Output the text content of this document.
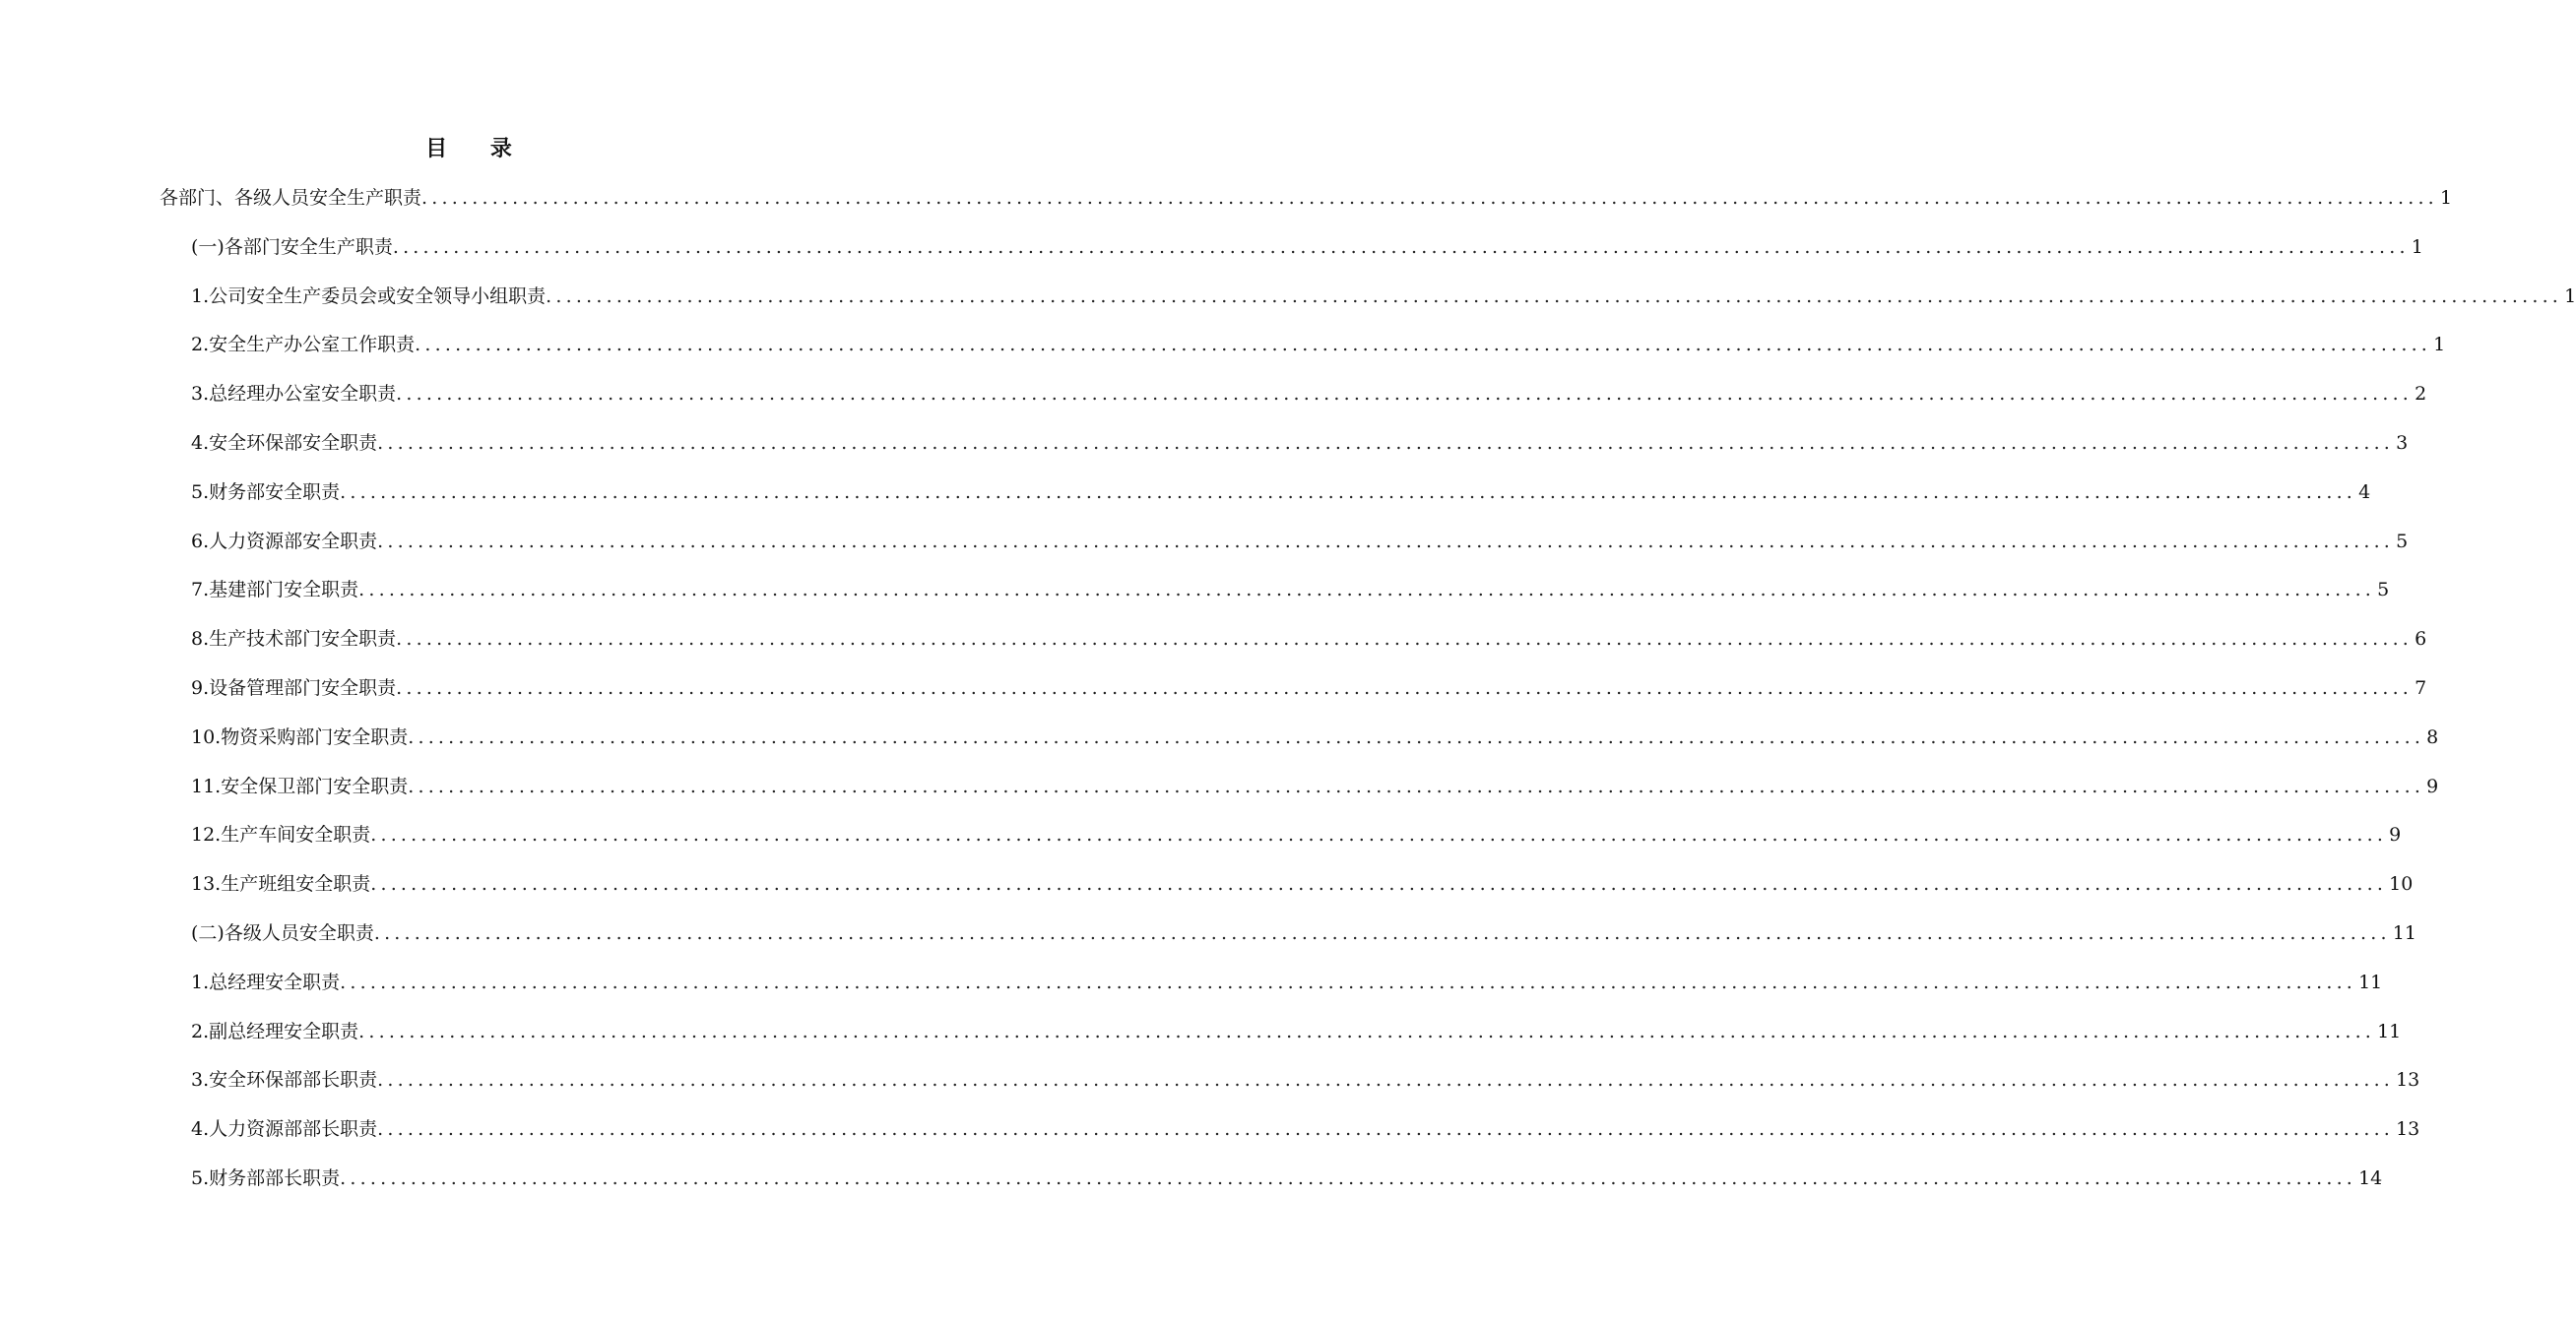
目 录
各部门、各级人员安全生产职责 ........................................................................................................................................................................................................ 1
(一)各部门安全生产职责 ........................................................................................................................................................................................................ 1
1.公司安全生产委员会或安全领导小组职责 ........................................................................................................................................................................................................ 1
2.安全生产办公室工作职责 ........................................................................................................................................................................................................ 1
3.总经理办公室安全职责 ........................................................................................................................................................................................................ 2
4.安全环保部安全职责 ........................................................................................................................................................................................................ 3
5.财务部安全职责 ........................................................................................................................................................................................................ 4
6.人力资源部安全职责 ........................................................................................................................................................................................................ 5
7.基建部门安全职责 ........................................................................................................................................................................................................ 5
8.生产技术部门安全职责 ........................................................................................................................................................................................................ 6
9.设备管理部门安全职责 ........................................................................................................................................................................................................ 7
10.物资采购部门安全职责 ........................................................................................................................................................................................................ 8
11.安全保卫部门安全职责 ........................................................................................................................................................................................................ 9
12.生产车间安全职责 ........................................................................................................................................................................................................ 9
13.生产班组安全职责 ........................................................................................................................................................................................................ 10
(二)各级人员安全职责 ........................................................................................................................................................................................................ 11
1.总经理安全职责 ........................................................................................................................................................................................................ 11
2.副总经理安全职责 ........................................................................................................................................................................................................ 11
3.安全环保部部长职责 ........................................................................................................................................................................................................ 13
4.人力资源部部长职责 ........................................................................................................................................................................................................ 13
5.财务部部长职责 ........................................................................................................................................................................................................ 14
